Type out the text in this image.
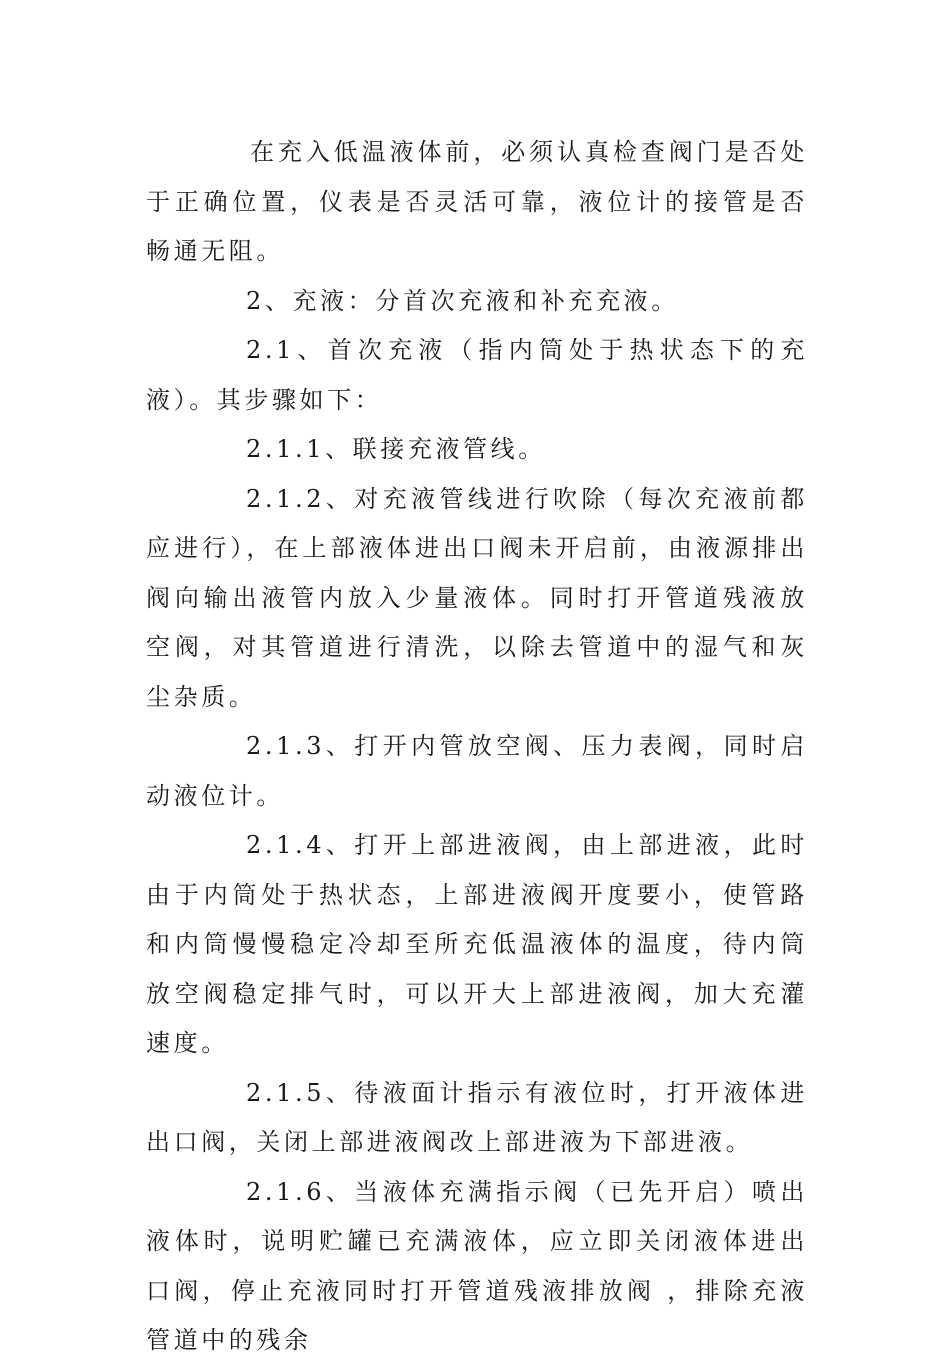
在充入低温液体前，必须认真检查阀门是否处于正确位置，仪表是否灵活可靠，液位计的接管是否畅通无阻。

2、充液：分首次充液和补充充液。

2.1、首次充液（指内筒处于热状态下的充液）。其步骤如下：

2.1.1、联接充液管线。

2.1.2、对充液管线进行吹除（每次充液前都应进行），在上部液体进出口阀未开启前，由液源排出阀向输出液管内放入少量液体。同时打开管道残液放空阀，对其管道进行清洗，以除去管道中的湿气和灰尘杂质。

2.1.3、打开内管放空阀、压力表阀，同时启动液位计。

2.1.4、打开上部进液阀，由上部进液，此时由于内筒处于热状态，上部进液阀开度要小，使管路和内筒慢慢稳定冷却至所充低温液体的温度，待内筒放空阀稳定排气时，可以开大上部进液阀，加大充灌速度。

2.1.5、待液面计指示有液位时，打开液体进出口阀，关闭上部进液阀改上部进液为下部进液。

2.1.6、当液体充满指示阀（已先开启）喷出液体时，说明贮罐已充满液体，应立即关闭液体进出口阀，停止充液同时打开管道残液排放阀 ，排除充液管道中的残余
